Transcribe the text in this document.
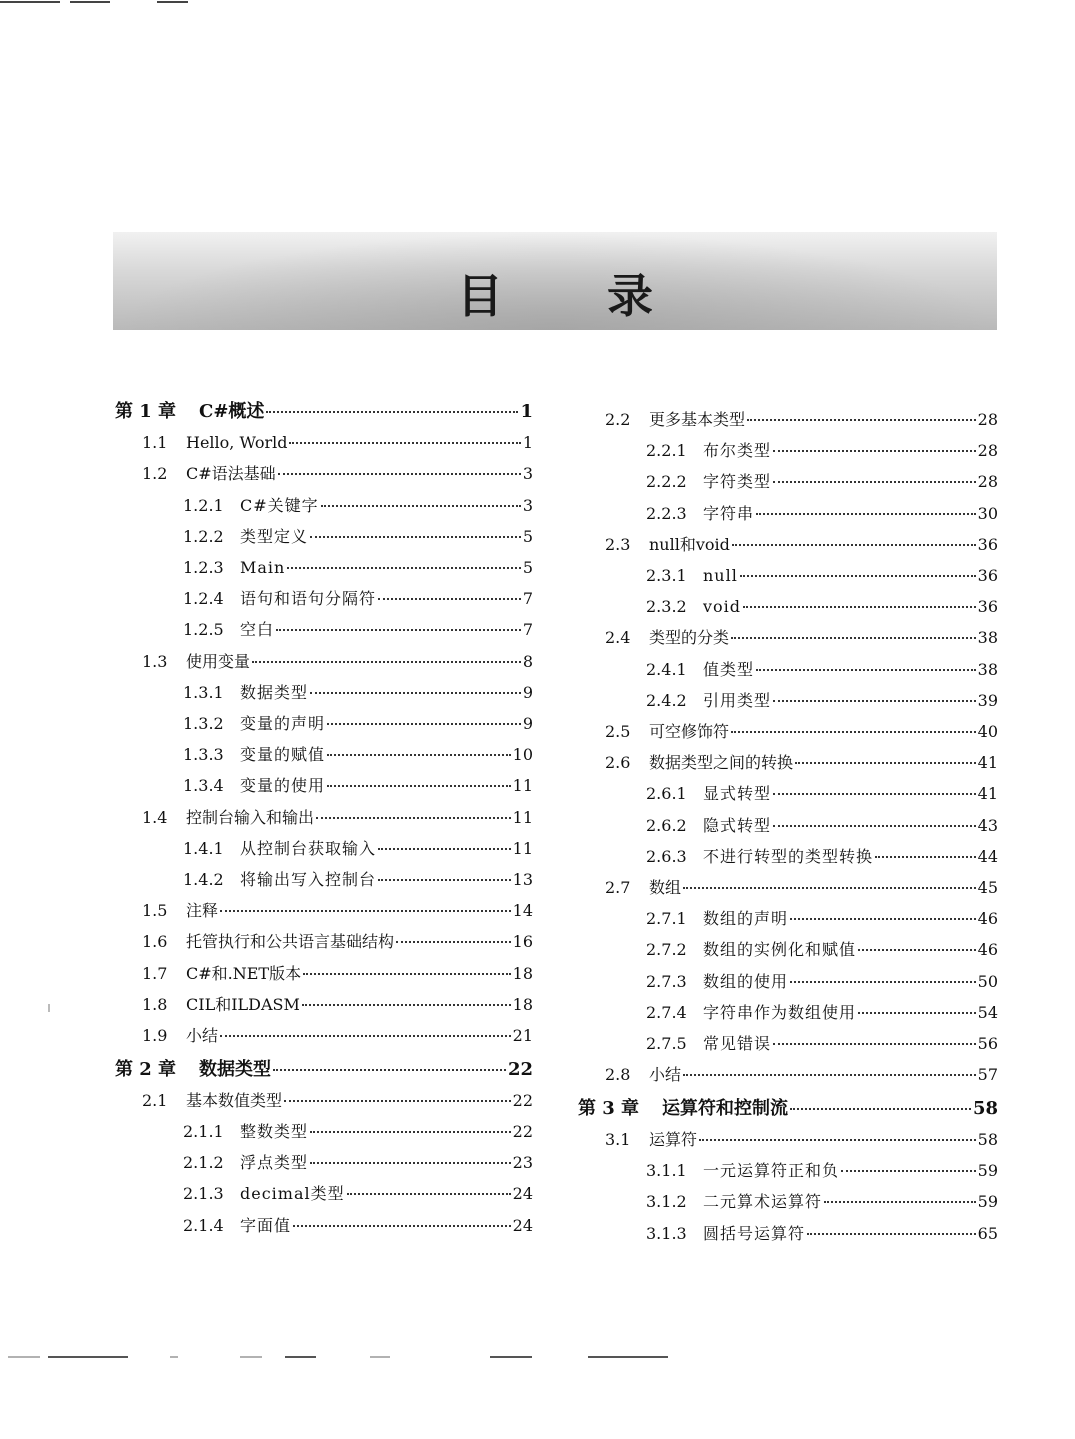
目 录
第 1 章	C#概述	1
1.1	Hello, World	1
1.2	C#语法基础	3
1.2.1	C#关键字	3
1.2.2	类型定义	5
1.2.3	Main	5
1.2.4	语句和语句分隔符	7
1.2.5	空白	7
1.3	使用变量	8
1.3.1	数据类型	9
1.3.2	变量的声明	9
1.3.3	变量的赋值	10
1.3.4	变量的使用	11
1.4	控制台输入和输出	11
1.4.1	从控制台获取输入	11
1.4.2	将输出写入控制台	13
1.5	注释	14
1.6	托管执行和公共语言基础结构	16
1.7	C#和.NET版本	18
1.8	CIL和ILDASM	18
1.9	小结	21
第 2 章	数据类型	22
2.1	基本数值类型	22
2.1.1	整数类型	22
2.1.2	浮点类型	23
2.1.3	decimal类型	24
2.1.4	字面值	24
2.2	更多基本类型	28
2.2.1	布尔类型	28
2.2.2	字符类型	28
2.2.3	字符串	30
2.3	null和void	36
2.3.1	null	36
2.3.2	void	36
2.4	类型的分类	38
2.4.1	值类型	38
2.4.2	引用类型	39
2.5	可空修饰符	40
2.6	数据类型之间的转换	41
2.6.1	显式转型	41
2.6.2	隐式转型	43
2.6.3	不进行转型的类型转换	44
2.7	数组	45
2.7.1	数组的声明	46
2.7.2	数组的实例化和赋值	46
2.7.3	数组的使用	50
2.7.4	字符串作为数组使用	54
2.7.5	常见错误	56
2.8	小结	57
第 3 章	运算符和控制流	58
3.1	运算符	58
3.1.1	一元运算符正和负	59
3.1.2	二元算术运算符	59
3.1.3	圆括号运算符	65
